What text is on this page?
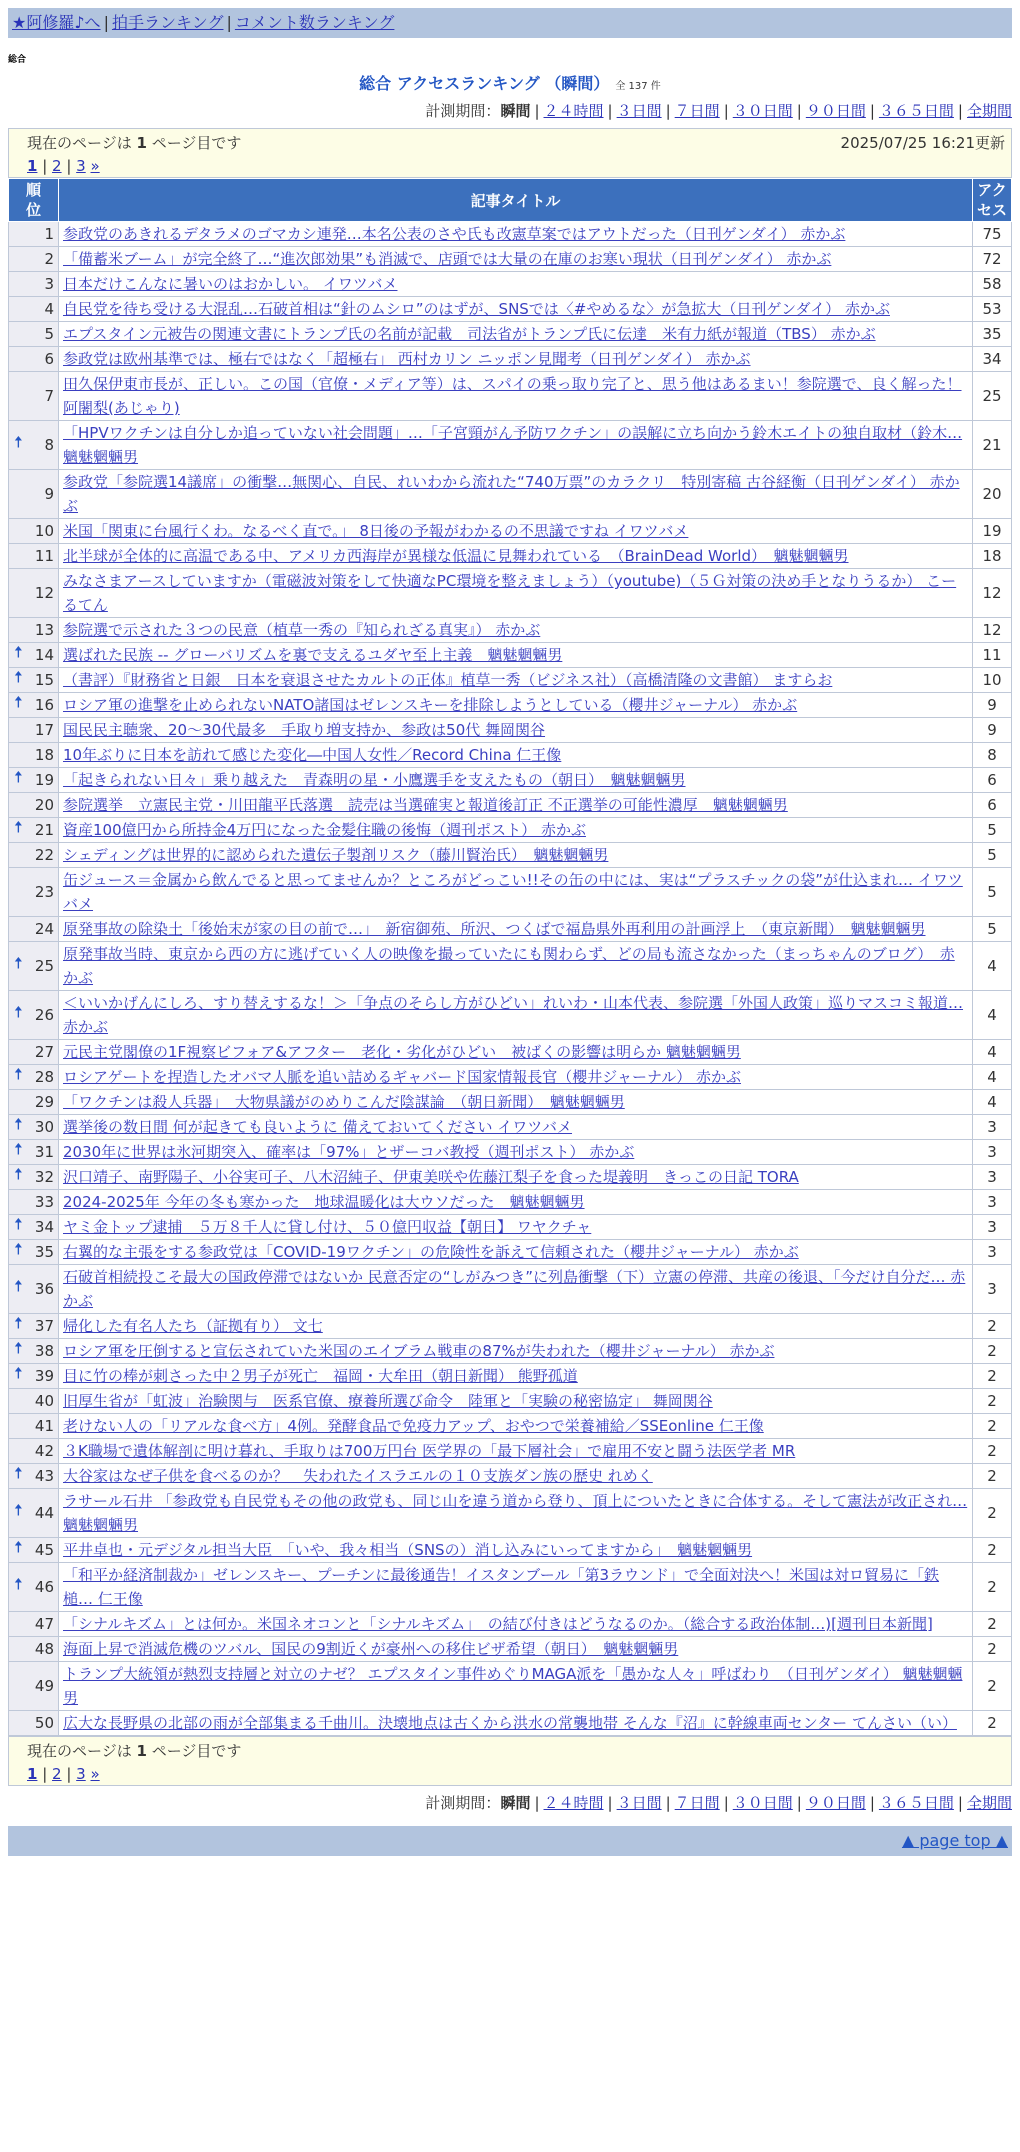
★阿修羅♪へ | 拍手ランキング | コメント数ランキング
総合
総合 アクセスランキング （瞬間） 全 137 件
計測期間：瞬間 | ２４時間 | ３日間 | ７日間 | ３０日間 | ９０日間 | ３６５日間 | 全期間
現在のページは 1 ページ目です	2025/07/25 16:21更新
1 | 2 | 3 »
順位	記事タイトル	アクセス

1	参政党のあきれるデタラメのゴマカシ連発…本名公表のさや氏も改憲草案ではアウトだった（日刊ゲンダイ） 赤かぶ	75
2	「備蓄米ブーム」が完全終了…“進次郎効果”も消滅で、店頭では大量の在庫のお寒い現状（日刊ゲンダイ） 赤かぶ	72
3	日本だけこんなに暑いのはおかしい。 イワツバメ	58
4	自民党を待ち受ける大混乱…石破首相は“針のムシロ”のはずが、SNSでは〈#やめるな〉が急拡大（日刊ゲンダイ） 赤かぶ	53
5	エプスタイン元被告の関連文書にトランプ氏の名前が記載　司法省がトランプ氏に伝達　米有力紙が報道（TBS） 赤かぶ	35
6	参政党は欧州基準では、極右ではなく「超極右」 西村カリン ニッポン見聞考（日刊ゲンダイ） 赤かぶ	34
7	田久保伊東市長が、正しい。この国（官僚・メディア等）は、スパイの乗っ取り完了と、思う他はあるまい！参院選で、良く解った！ 阿闍梨(あじゃり)	25

🠅 8	「HPVワクチンは自分しか追っていない社会問題」…「子宮頸がん予防ワクチン」の誤解に立ち向かう鈴木エイトの独自取材（鈴木… 魑魅魍魎男	21
9	参政党「参院選14議席」の衝撃…無関心、自民、れいわから流れた“740万票”のカラクリ　特別寄稿 古谷経衡（日刊ゲンダイ） 赤かぶ	20
10	米国「関東に台風行くわ。なるべく直で。」 8日後の予報がわかるの不思議ですね イワツバメ	19
11	北半球が全体的に高温である中、アメリカ西海岸が異様な低温に見舞われている　（BrainDead World）　魑魅魍魎男	18
12	みなさまアースしていますか（電磁波対策をして快適なPC環境を整えましょう）（youtube)（５Ｇ対策の決め手となりうるか） こーるてん	12
13	参院選で示された３つの民意（植草一秀の『知られざる真実』） 赤かぶ	12

🠅 14	選ばれた民族 -- グローバリズムを裏で支えるユダヤ至上主義　魑魅魍魎男	11

🠅 15	（書評）『財務省と日銀　日本を衰退させたカルトの正体』植草一秀（ビジネス社）（高橋清隆の文書館） ますらお	10

🠅 16	ロシア軍の進撃を止められないNATO諸国はゼレンスキーを排除しようとしている（櫻井ジャーナル） 赤かぶ	9
17	国民民主聴衆、20～30代最多　手取り増支持か、参政は50代 舞岡関谷	9
18	10年ぶりに日本を訪れて感じた変化―中国人女性／Record China 仁王像	8

🠅 19	「起きられない日々」乗り越えた　青森明の星・小鷹選手を支えたもの（朝日）　魑魅魍魎男	6
20	参院選挙　立憲民主党・川田龍平氏落選　読売は当選確実と報道後訂正 不正選挙の可能性濃厚　魑魅魍魎男	6

🠅 21	資産100億円から所持金4万円になった金髪住職の後悔（週刊ポスト） 赤かぶ	5
22	シェディングは世界的に認められた遺伝子製剤リスク（藤川賢治氏）　魑魅魍魎男	5
23	缶ジュース＝金属から飲んでると思ってませんか？ところがどっこい!!その缶の中には、実は“プラスチックの袋”が仕込まれ… イワツバメ	5
24	原発事故の除染土「後始末が家の目の前で…」　新宿御苑、所沢、つくばで福島県外再利用の計画浮上　（東京新聞）　魑魅魍魎男	5

🠅 25	原発事故当時、東京から西の方に逃げていく人の映像を撮っていたにも関わらず、どの局も流さなかった（まっちゃんのブログ）　赤かぶ	4

🠅 26	＜いいかげんにしろ、すり替えするな！＞「争点のそらし方がひどい」れいわ・山本代表、参院選「外国人政策」巡りマスコミ報道… 赤かぶ	4
27	元民主党閣僚の1F視察ビフォア&アフター　老化・劣化がひどい　被ばくの影響は明らか 魑魅魍魎男	4

🠅 28	ロシアゲートを捏造したオバマ人脈を追い詰めるギャバード国家情報長官（櫻井ジャーナル） 赤かぶ	4
29	「ワクチンは殺人兵器」　大物県議がのめりこんだ陰謀論　（朝日新聞）　魑魅魍魎男	4

🠅 30	選挙後の数日間 何が起きても良いように 備えておいてください イワツバメ	3

🠅 31	2030年に世界は氷河期突入、確率は「97%」とザーコバ教授（週刊ポスト） 赤かぶ	3

🠅 32	沢口靖子、南野陽子、小谷実可子、八木沼純子、伊東美咲や佐藤江梨子を食った堤義明　きっこの日記 TORA	3
33	2024-2025年 今年の冬も寒かった　地球温暖化は大ウソだった　魑魅魍魎男	3

🠅 34	ヤミ金トップ逮捕　５万８千人に貸し付け、５０億円収益【朝日】 ワヤクチャ	3

🠅 35	右翼的な主張をする参政党は「COVID-19ワクチン」の危険性を訴えて信頼された（櫻井ジャーナル） 赤かぶ	3

🠅 36	石破首相続投こそ最大の国政停滞ではないか 民意否定の“しがみつき”に列島衝撃（下）立憲の停滞、共産の後退、「今だけ自分だ… 赤かぶ	3

🠅 37	帰化した有名人たち（証拠有り） 文七	2

🠅 38	ロシア軍を圧倒すると宣伝されていた米国のエイブラム戦車の87%が失われた（櫻井ジャーナル） 赤かぶ	2

🠅 39	目に竹の棒が刺さった中２男子が死亡　福岡・大牟田（朝日新聞） 熊野孤道	2
40	旧厚生省が「虹波」治験関与　医系官僚、療養所選び命令　陸軍と「実験の秘密協定」 舞岡関谷	2
41	老けない人の「リアルな食べ方」4例。発酵食品で免疫力アップ、おやつで栄養補給／SSEonline 仁王像	2
42	３K職場で遺体解剖に明け暮れ、手取りは700万円台 医学界の「最下層社会」で雇用不安と闘う法医学者 MR	2

🠅 43	大谷家はなぜ子供を食べるのか？　失われたイスラエルの１０支族ダン族の歴史 れめく	2

🠅 44	ラサール石井 「参政党も自民党もその他の政党も、同じ山を違う道から登り、頂上についたときに合体する。そして憲法が改正され… 魑魅魍魎男	2

🠅 45	平井卓也・元デジタル担当大臣　「いや、我々相当（SNSの）消し込みにいってますから」　魑魅魍魎男	2

🠅 46	「和平か経済制裁か」ゼレンスキー、プーチンに最後通告！イスタンブール「第3ラウンド」で全面対決へ！米国は対ロ貿易に「鉄槌… 仁王像	2
47	「シナルキズム」とは何か。米国ネオコンと「シナルキズム」　の結び付きはどうなるのか。（総合する政治体制…)[週刊日本新聞]	2
48	海面上昇で消滅危機のツバル、国民の9割近くが豪州への移住ビザ希望（朝日）　魑魅魍魎男	2
49	トランプ大統領が熱烈支持層と対立のナゼ？ エプスタイン事件めぐりMAGA派を「愚かな人々」呼ばわり　（日刊ゲンダイ） 魑魅魍魎男	2
50	広大な長野県の北部の雨が全部集まる千曲川。決壊地点は古くから洪水の常襲地帯 そんな『沼』に幹線車両センター てんさい（い）	2
現在のページは 1 ページ目です
1 | 2 | 3 »
計測期間：瞬間 | ２４時間 | ３日間 | ７日間 | ３０日間 | ９０日間 | ３６５日間 | 全期間
▲ page top ▲
